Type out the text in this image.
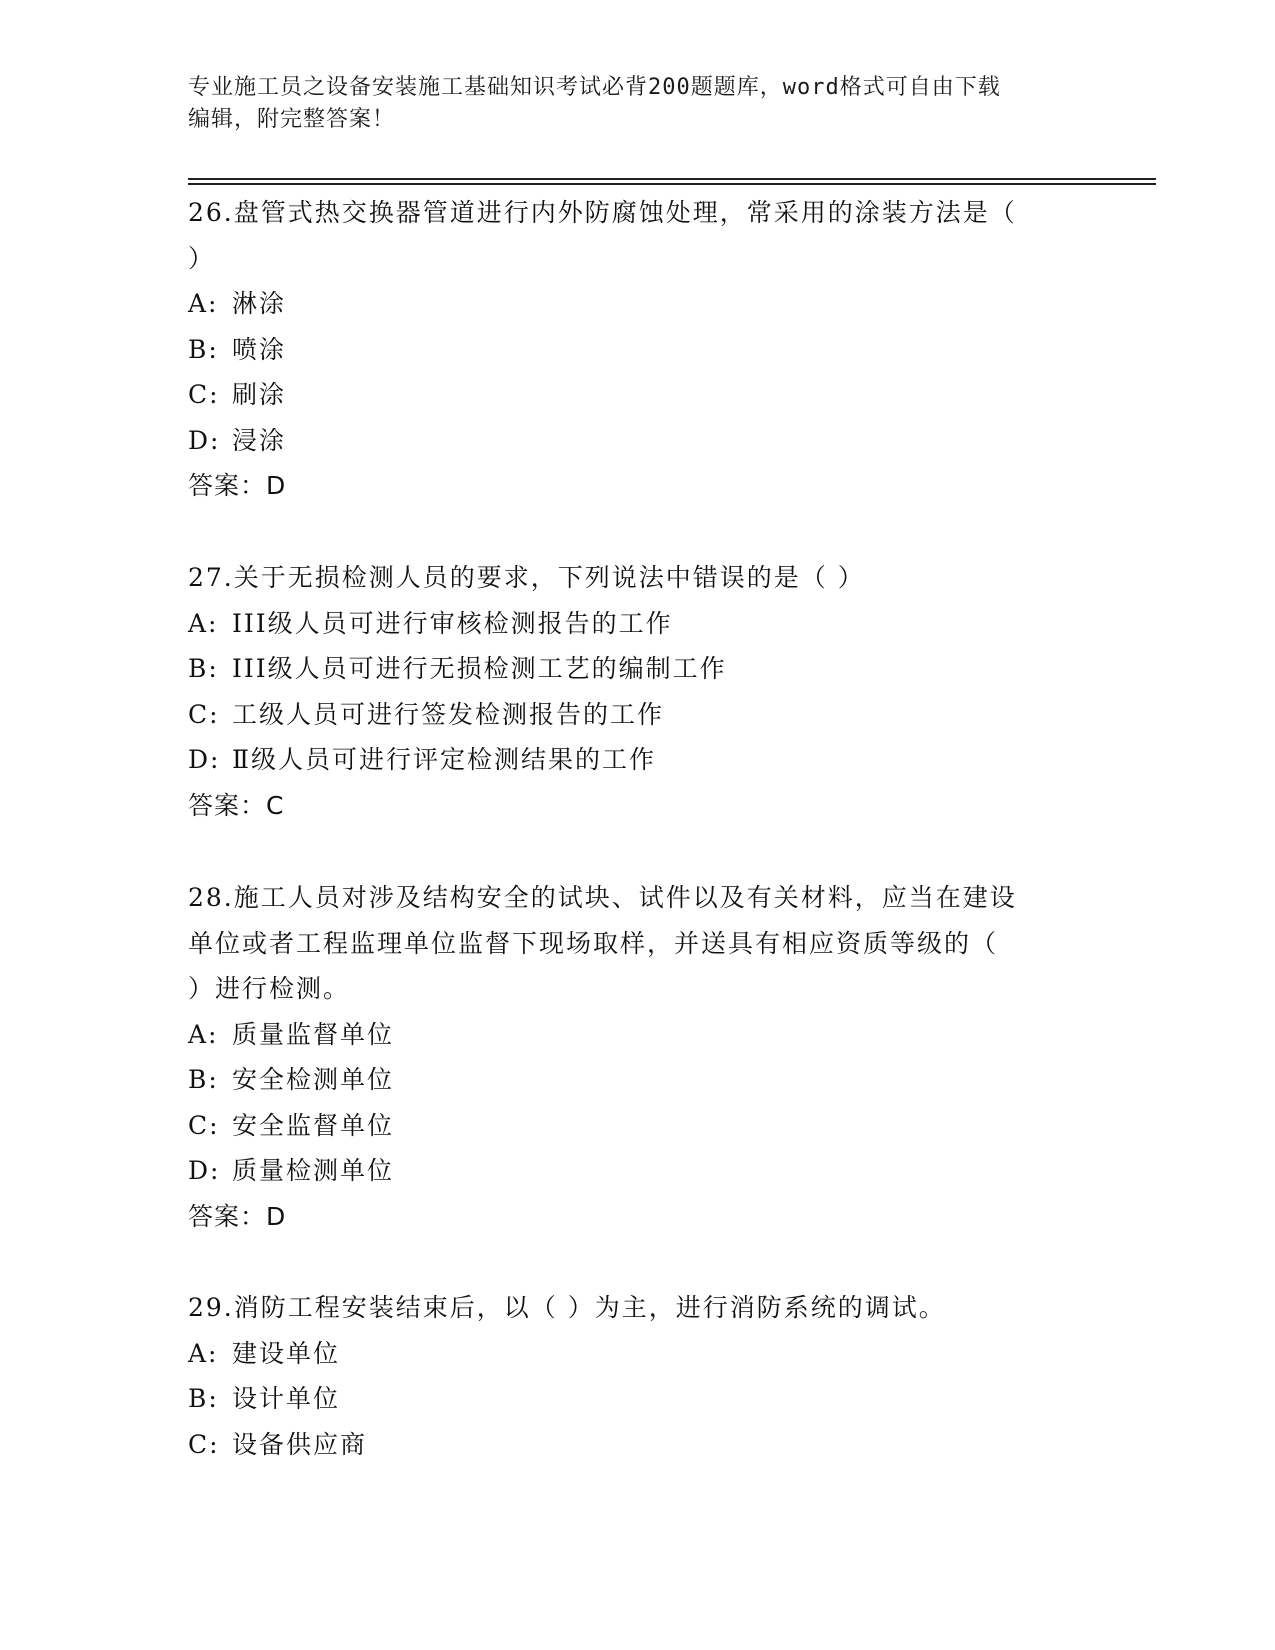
专业施工员之设备安装施工基础知识考试必背200题题库，word格式可自由下载
编辑，附完整答案！
26.盘管式热交换器管道进行内外防腐蚀处理，常采用的涂装方法是（
）
A: 淋涂
B: 喷涂
C: 刷涂
D: 浸涂
答案：D
27.关于无损检测人员的要求，下列说法中错误的是（ ）
A: III级人员可进行审核检测报告的工作
B: III级人员可进行无损检测工艺的编制工作
C: 工级人员可进行签发检测报告的工作
D: Ⅱ级人员可进行评定检测结果的工作
答案：C
28.施工人员对涉及结构安全的试块、试件以及有关材料，应当在建设
单位或者工程监理单位监督下现场取样，并送具有相应资质等级的（
）进行检测。
A: 质量监督单位
B: 安全检测单位
C: 安全监督单位
D: 质量检测单位
答案：D
29.消防工程安装结束后，以（ ）为主，进行消防系统的调试。
A: 建设单位
B: 设计单位
C: 设备供应商
